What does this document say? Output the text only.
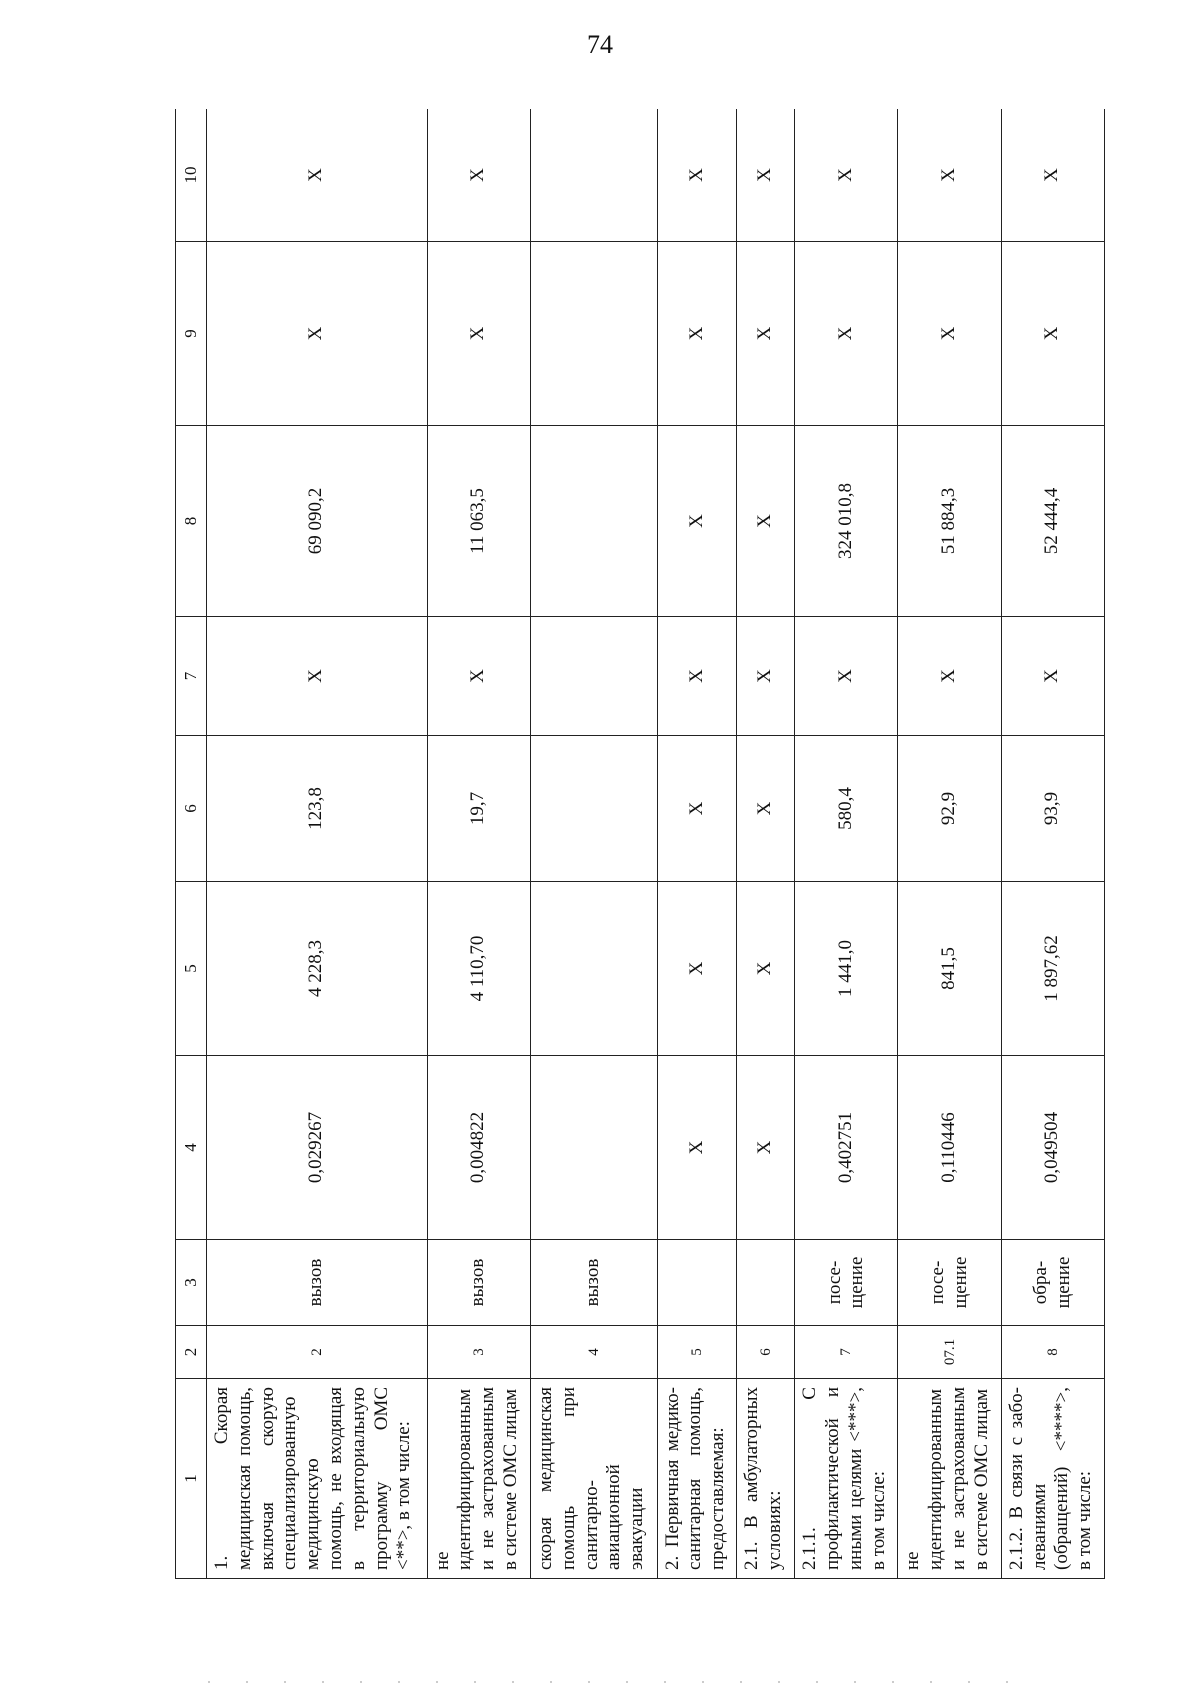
74
1	2	3	4	5	6	7	8	9	10
1. Скорая медицинская помощь, включая скорую специализированную медицинскую помощь, не входящая в территориальную программу ОМС <**>, в том числе:	2	вызов	0,029267	4 228,3	123,8	X	69 090,2	X	X
не идентифицированным и не застрахованным в системе ОМС лицам	3	вызов	0,004822	4 110,70	19,7	X	11 063,5	X	X
скорая медицинская помощь при санитарно-авиационной эвакуации	4	вызов							
2. Первичная медико-санитарная помощь, предоставляемая:	5		X	X	X	X	X	X	X
2.1. В амбулаторных условиях:	6		X	X	X	X	X	X	X
2.1.1. С профилактической и иными целями <***>, в том числе:	7	посе-щение	0,402751	1 441,0	580,4	X	324 010,8	X	X
не идентифицированным и не застрахованным в системе ОМС лицам	07.1	посе-щение	0,110446	841,5	92,9	X	51 884,3	X	X
2.1.2. В связи с забо-леваниями (обращений) <****>, в том числе:	8	обра-щение	0,049504	1 897,62	93,9	X	52 444,4	X	X
